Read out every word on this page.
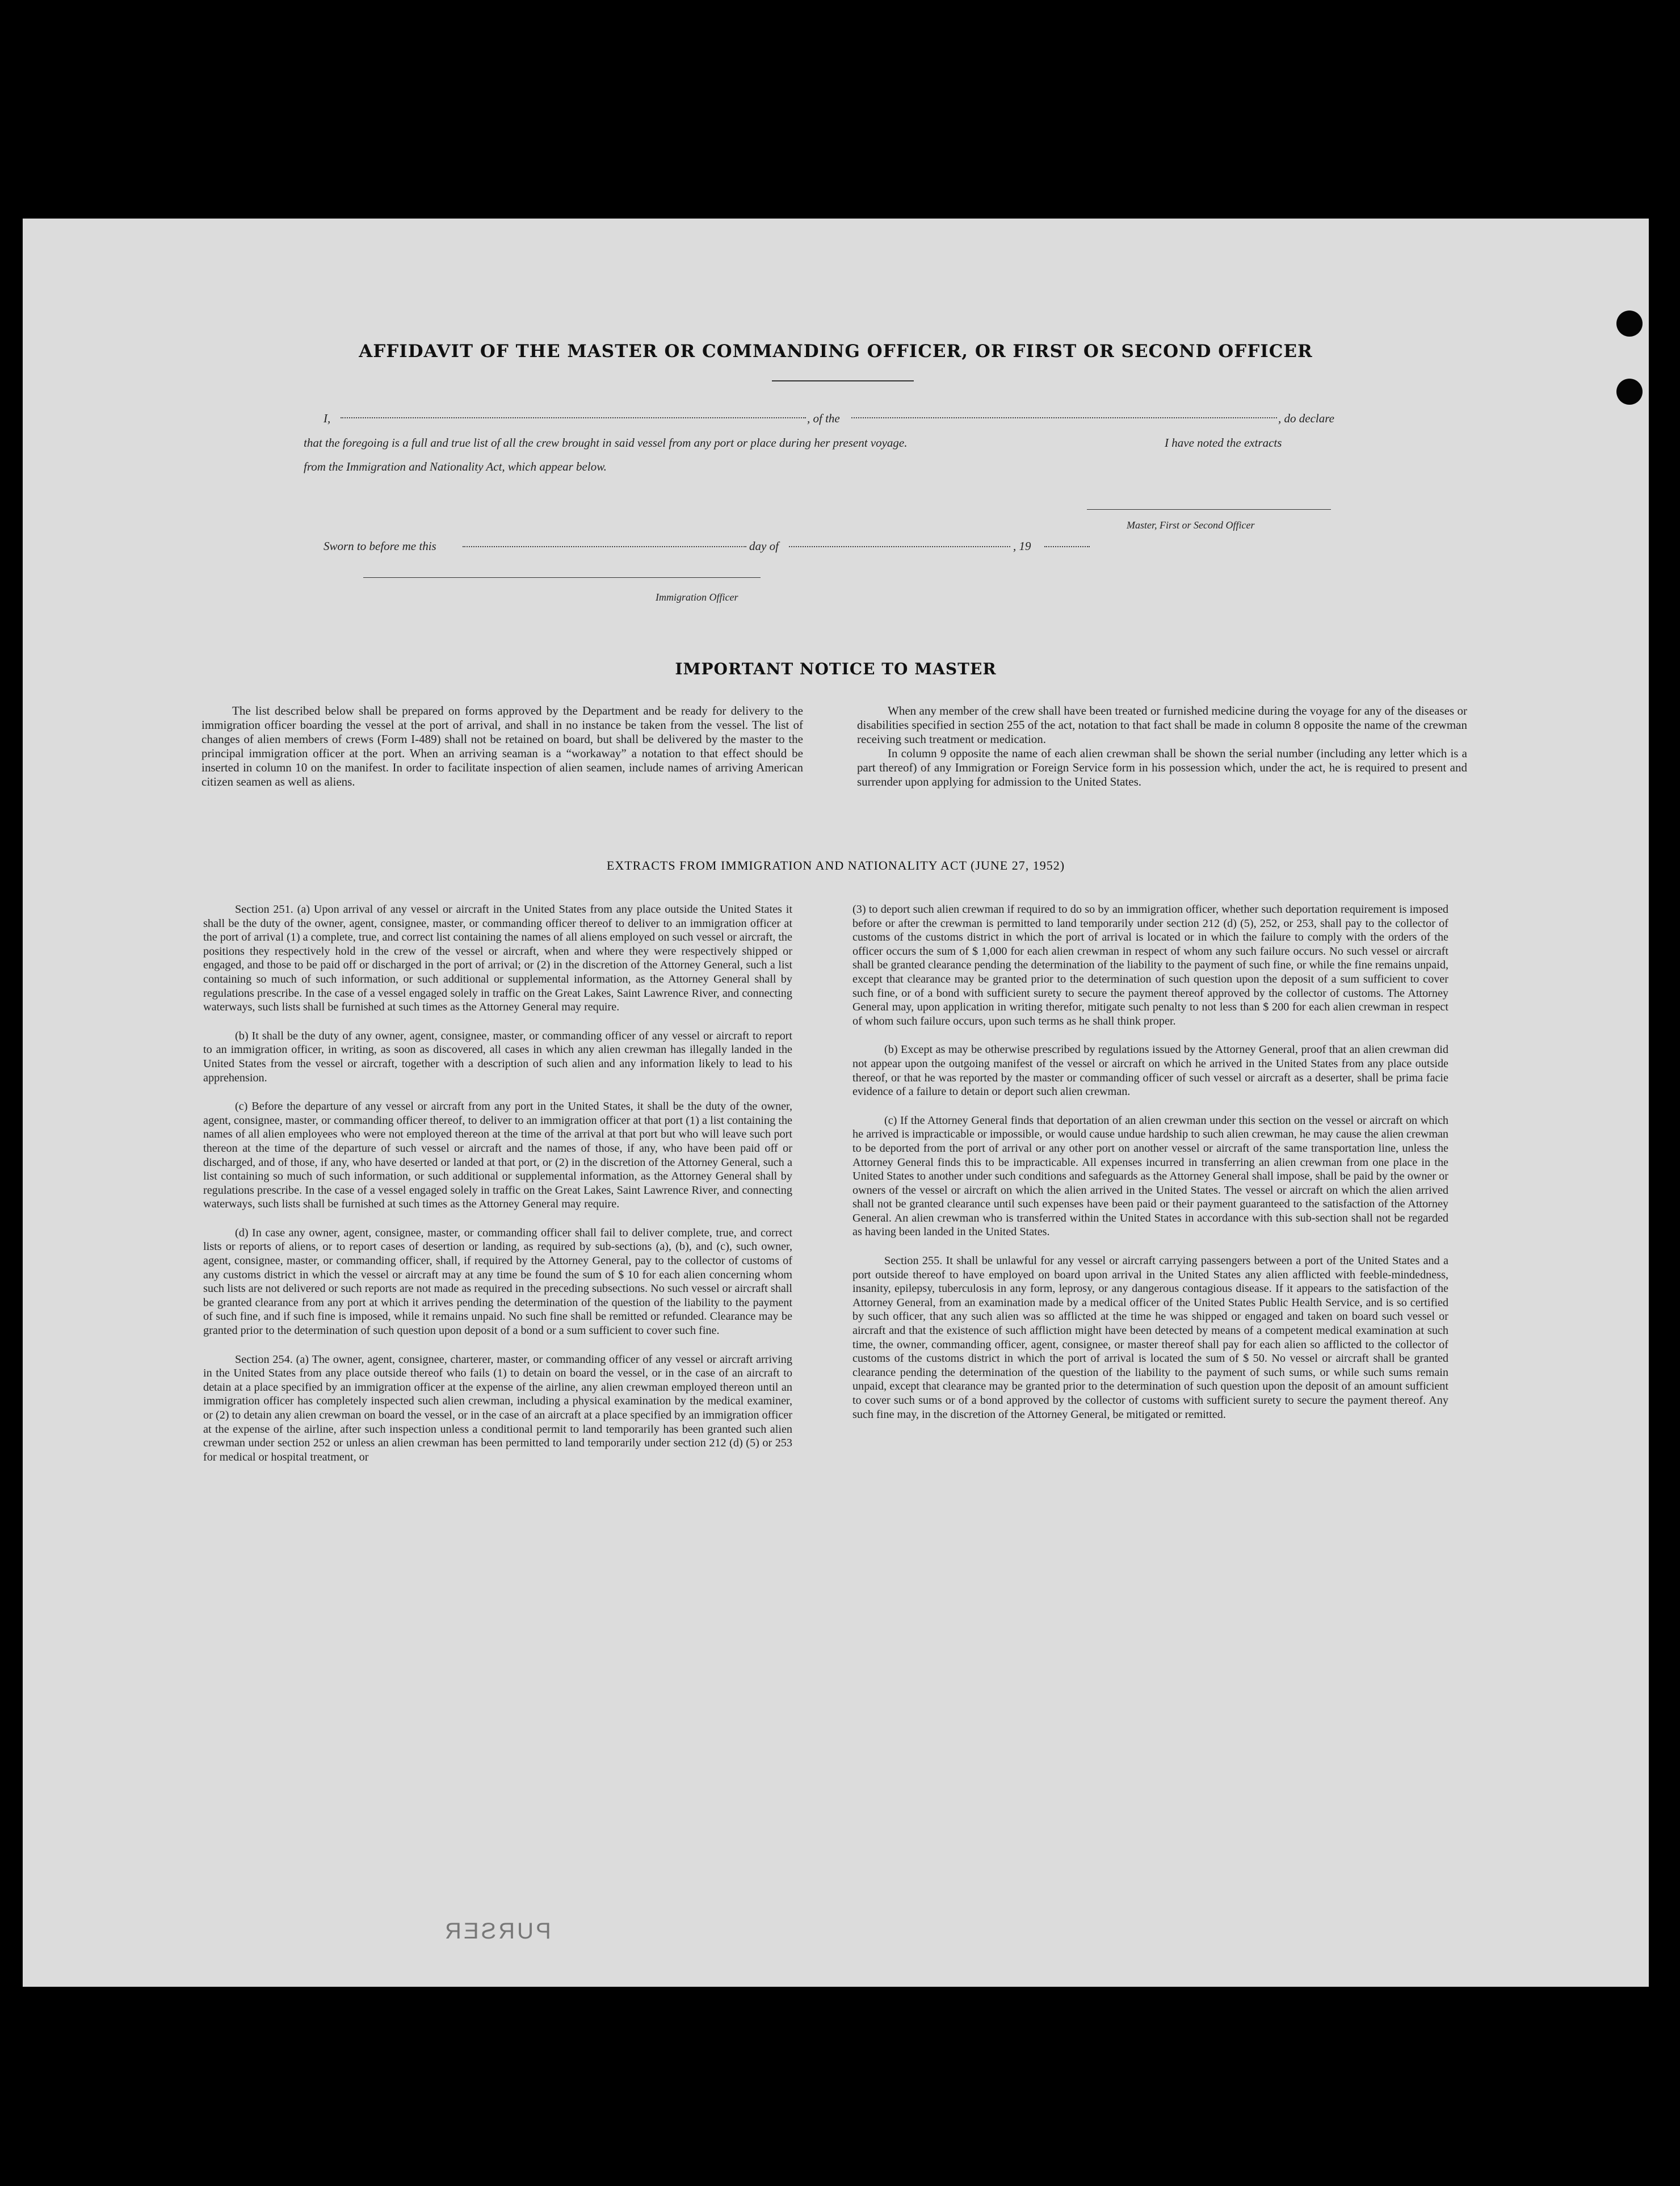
AFFIDAVIT OF THE MASTER OR COMMANDING OFFICER, OR FIRST OR SECOND OFFICER
I,	, of the	, do declare
that the foregoing is a full and true list of all the crew brought in said vessel from any port or place during her present voyage.	I have noted the extracts
from the Immigration and Nationality Act, which appear below.
Master, First or Second Officer
Sworn to before me this	day of	, 19
Immigration Officer
IMPORTANT NOTICE TO MASTER

The list described below shall be prepared on forms approved by the Department and be ready for delivery to the immigration officer boarding the vessel at the port of arrival, and shall in no instance be taken from the vessel. The list of changes of alien members of crews (Form I-489) shall not be retained on board, but shall be delivered by the master to the principal immigration officer at the port. When an arriving seaman is a “workaway” a notation to that effect should be inserted in column 10 on the manifest. In order to facilitate inspection of alien seamen, include names of arriving American citizen seamen as well as aliens.

When any member of the crew shall have been treated or furnished medicine during the voyage for any of the diseases or disabilities specified in section 255 of the act, notation to that fact shall be made in column 8 opposite the name of the crewman receiving such treatment or medication.

In column 9 opposite the name of each alien crewman shall be shown the serial number (including any letter which is a part thereof) of any Immigration or Foreign Service form in his possession which, under the act, he is required to present and surrender upon applying for admission to the United States.

EXTRACTS FROM IMMIGRATION AND NATIONALITY ACT (JUNE 27, 1952)

Section 251. (a) Upon arrival of any vessel or aircraft in the United States from any place outside the United States it shall be the duty of the owner, agent, consignee, master, or commanding officer thereof to deliver to an immigration officer at the port of arrival (1) a complete, true, and correct list containing the names of all aliens employed on such vessel or aircraft, the positions they respectively hold in the crew of the vessel or aircraft, when and where they were respectively shipped or engaged, and those to be paid off or discharged in the port of arrival; or (2) in the discretion of the Attorney General, such a list containing so much of such information, or such additional or supplemental information, as the Attorney General shall by regulations prescribe. In the case of a vessel engaged solely in traffic on the Great Lakes, Saint Lawrence River, and connecting waterways, such lists shall be furnished at such times as the Attorney General may require.

(b) It shall be the duty of any owner, agent, consignee, master, or commanding officer of any vessel or aircraft to report to an immigration officer, in writing, as soon as discovered, all cases in which any alien crewman has illegally landed in the United States from the vessel or aircraft, together with a description of such alien and any information likely to lead to his apprehension.

(c) Before the departure of any vessel or aircraft from any port in the United States, it shall be the duty of the owner, agent, consignee, master, or commanding officer thereof, to deliver to an immigration officer at that port (1) a list containing the names of all alien employees who were not employed thereon at the time of the arrival at that port but who will leave such port thereon at the time of the departure of such vessel or aircraft and the names of those, if any, who have been paid off or discharged, and of those, if any, who have deserted or landed at that port, or (2) in the discretion of the Attorney General, such a list containing so much of such information, or such additional or supplemental information, as the Attorney General shall by regulations prescribe. In the case of a vessel engaged solely in traffic on the Great Lakes, Saint Lawrence River, and connecting waterways, such lists shall be furnished at such times as the Attorney General may require.

(d) In case any owner, agent, consignee, master, or commanding officer shall fail to deliver complete, true, and correct lists or reports of aliens, or to report cases of desertion or landing, as required by sub-sections (a), (b), and (c), such owner, agent, consignee, master, or commanding officer, shall, if required by the Attorney General, pay to the collector of customs of any customs district in which the vessel or aircraft may at any time be found the sum of $ 10 for each alien concerning whom such lists are not delivered or such reports are not made as required in the preceding subsections. No such vessel or aircraft shall be granted clearance from any port at which it arrives pending the determination of the question of the liability to the payment of such fine, and if such fine is imposed, while it remains unpaid. No such fine shall be remitted or refunded. Clearance may be granted prior to the determination of such question upon deposit of a bond or a sum sufficient to cover such fine.

Section 254. (a) The owner, agent, consignee, charterer, master, or commanding officer of any vessel or aircraft arriving in the United States from any place outside thereof who fails (1) to detain on board the vessel, or in the case of an aircraft to detain at a place specified by an immigration officer at the expense of the airline, any alien crewman employed thereon until an immigration officer has completely inspected such alien crewman, including a physical examination by the medical examiner, or (2) to detain any alien crewman on board the vessel, or in the case of an aircraft at a place specified by an immigration officer at the expense of the airline, after such inspection unless a conditional permit to land temporarily has been granted such alien crewman under section 252 or unless an alien crewman has been permitted to land temporarily under section 212 (d) (5) or 253 for medical or hospital treatment, or

(3) to deport such alien crewman if required to do so by an immigration officer, whether such deportation requirement is imposed before or after the crewman is permitted to land temporarily under section 212 (d) (5), 252, or 253, shall pay to the collector of customs of the customs district in which the port of arrival is located or in which the failure to comply with the orders of the officer occurs the sum of $ 1,000 for each alien crewman in respect of whom any such failure occurs. No such vessel or aircraft shall be granted clearance pending the determination of the liability to the payment of such fine, or while the fine remains unpaid, except that clearance may be granted prior to the determination of such question upon the deposit of a sum sufficient to cover such fine, or of a bond with sufficient surety to secure the payment thereof approved by the collector of customs. The Attorney General may, upon application in writing therefor, mitigate such penalty to not less than $ 200 for each alien crewman in respect of whom such failure occurs, upon such terms as he shall think proper.

(b) Except as may be otherwise prescribed by regulations issued by the Attorney General, proof that an alien crewman did not appear upon the outgoing manifest of the vessel or aircraft on which he arrived in the United States from any place outside thereof, or that he was reported by the master or commanding officer of such vessel or aircraft as a deserter, shall be prima facie evidence of a failure to detain or deport such alien crewman.

(c) If the Attorney General finds that deportation of an alien crewman under this section on the vessel or aircraft on which he arrived is impracticable or impossible, or would cause undue hardship to such alien crewman, he may cause the alien crewman to be deported from the port of arrival or any other port on another vessel or aircraft of the same transportation line, unless the Attorney General finds this to be impracticable. All expenses incurred in transferring an alien crewman from one place in the United States to another under such conditions and safeguards as the Attorney General shall impose, shall be paid by the owner or owners of the vessel or aircraft on which the alien arrived in the United States. The vessel or aircraft on which the alien arrived shall not be granted clearance until such expenses have been paid or their payment guaranteed to the satisfaction of the Attorney General. An alien crewman who is transferred within the United States in accordance with this sub-section shall not be regarded as having been landed in the United States.

Section 255. It shall be unlawful for any vessel or aircraft carrying passengers between a port of the United States and a port outside thereof to have employed on board upon arrival in the United States any alien afflicted with feeble-mindedness, insanity, epilepsy, tuberculosis in any form, leprosy, or any dangerous contagious disease. If it appears to the satisfaction of the Attorney General, from an examination made by a medical officer of the United States Public Health Service, and is so certified by such officer, that any such alien was so afflicted at the time he was shipped or engaged and taken on board such vessel or aircraft and that the existence of such affliction might have been detected by means of a competent medical examination at such time, the owner, commanding officer, agent, consignee, or master thereof shall pay for each alien so afflicted to the collector of customs of the customs district in which the port of arrival is located the sum of $ 50. No vessel or aircraft shall be granted clearance pending the determination of the question of the liability to the payment of such sums, or while such sums remain unpaid, except that clearance may be granted prior to the determination of such question upon the deposit of an amount sufficient to cover such sums or of a bond approved by the collector of customs with sufficient surety to secure the payment thereof. Any such fine may, in the discretion of the Attorney General, be mitigated or remitted.

PURSER
